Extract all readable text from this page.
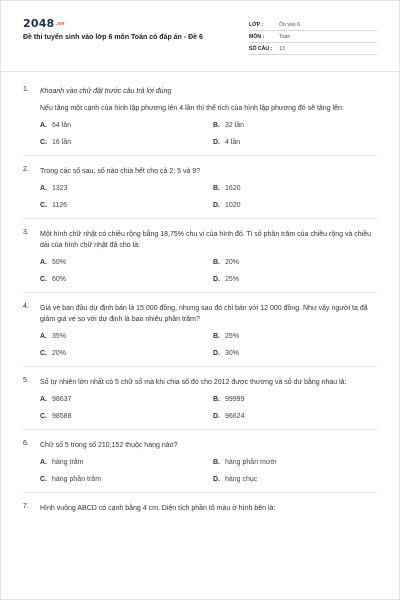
2048.vn
Đề thi tuyển sinh vào lớp 6 môn Toán có đáp án - Đề 6
LỚP :	Ôn vào 6
MÔN :	Toán
SỐ CÂU :	13
1.	Khoanh vào chữ đặt trước câu trả lời đúng
Nếu tăng một cạnh của hình lập phương lên 4 lần thì thể tích của hình lập phương đó sẽ tăng lên:
A. 64 lần	B. 32 lần
C. 16 lần	D. 4 lần
2.	Trong các số sau, số nào chia hết cho cả 2; 5 và 9?
A. 1323	B. 1620
C. 1126	D. 1020
3.	Một hình chữ nhật có chiều rộng bằng 18,75% chu vi của hình đó. Tỉ số phần trăm của chiều rộng và chiều dài của hình chữ nhật đã cho là:
A. 50%	B. 20%
C. 60%	D. 25%
4.	Giá vé ban đầu dự định bán là 15 000 đồng, nhưng sau đó chỉ bán với 12 000 đồng. Như vậy người ta đã giảm giá vé so với dự định là bao nhiêu phần trăm?
A. 35%	B. 25%
C. 20%	D. 30%
5.	Số tự nhiên lớn nhất có 5 chữ số mà khi chia số đó cho 2012 được thương và số dư bằng nhau là:
A. 98637	B. 99999
C. 98588	D. 96624
6.	Chữ số 5 trong số 210,152 thuộc hàng nào?
A. hàng trăm	B. hàng phần mười
C. hàng phần trăm	D. hàng chục
7.	Hình vuông ABCD có cạnh bằng 4 cm. Diện tích phần tô màu ở hình bên là:
